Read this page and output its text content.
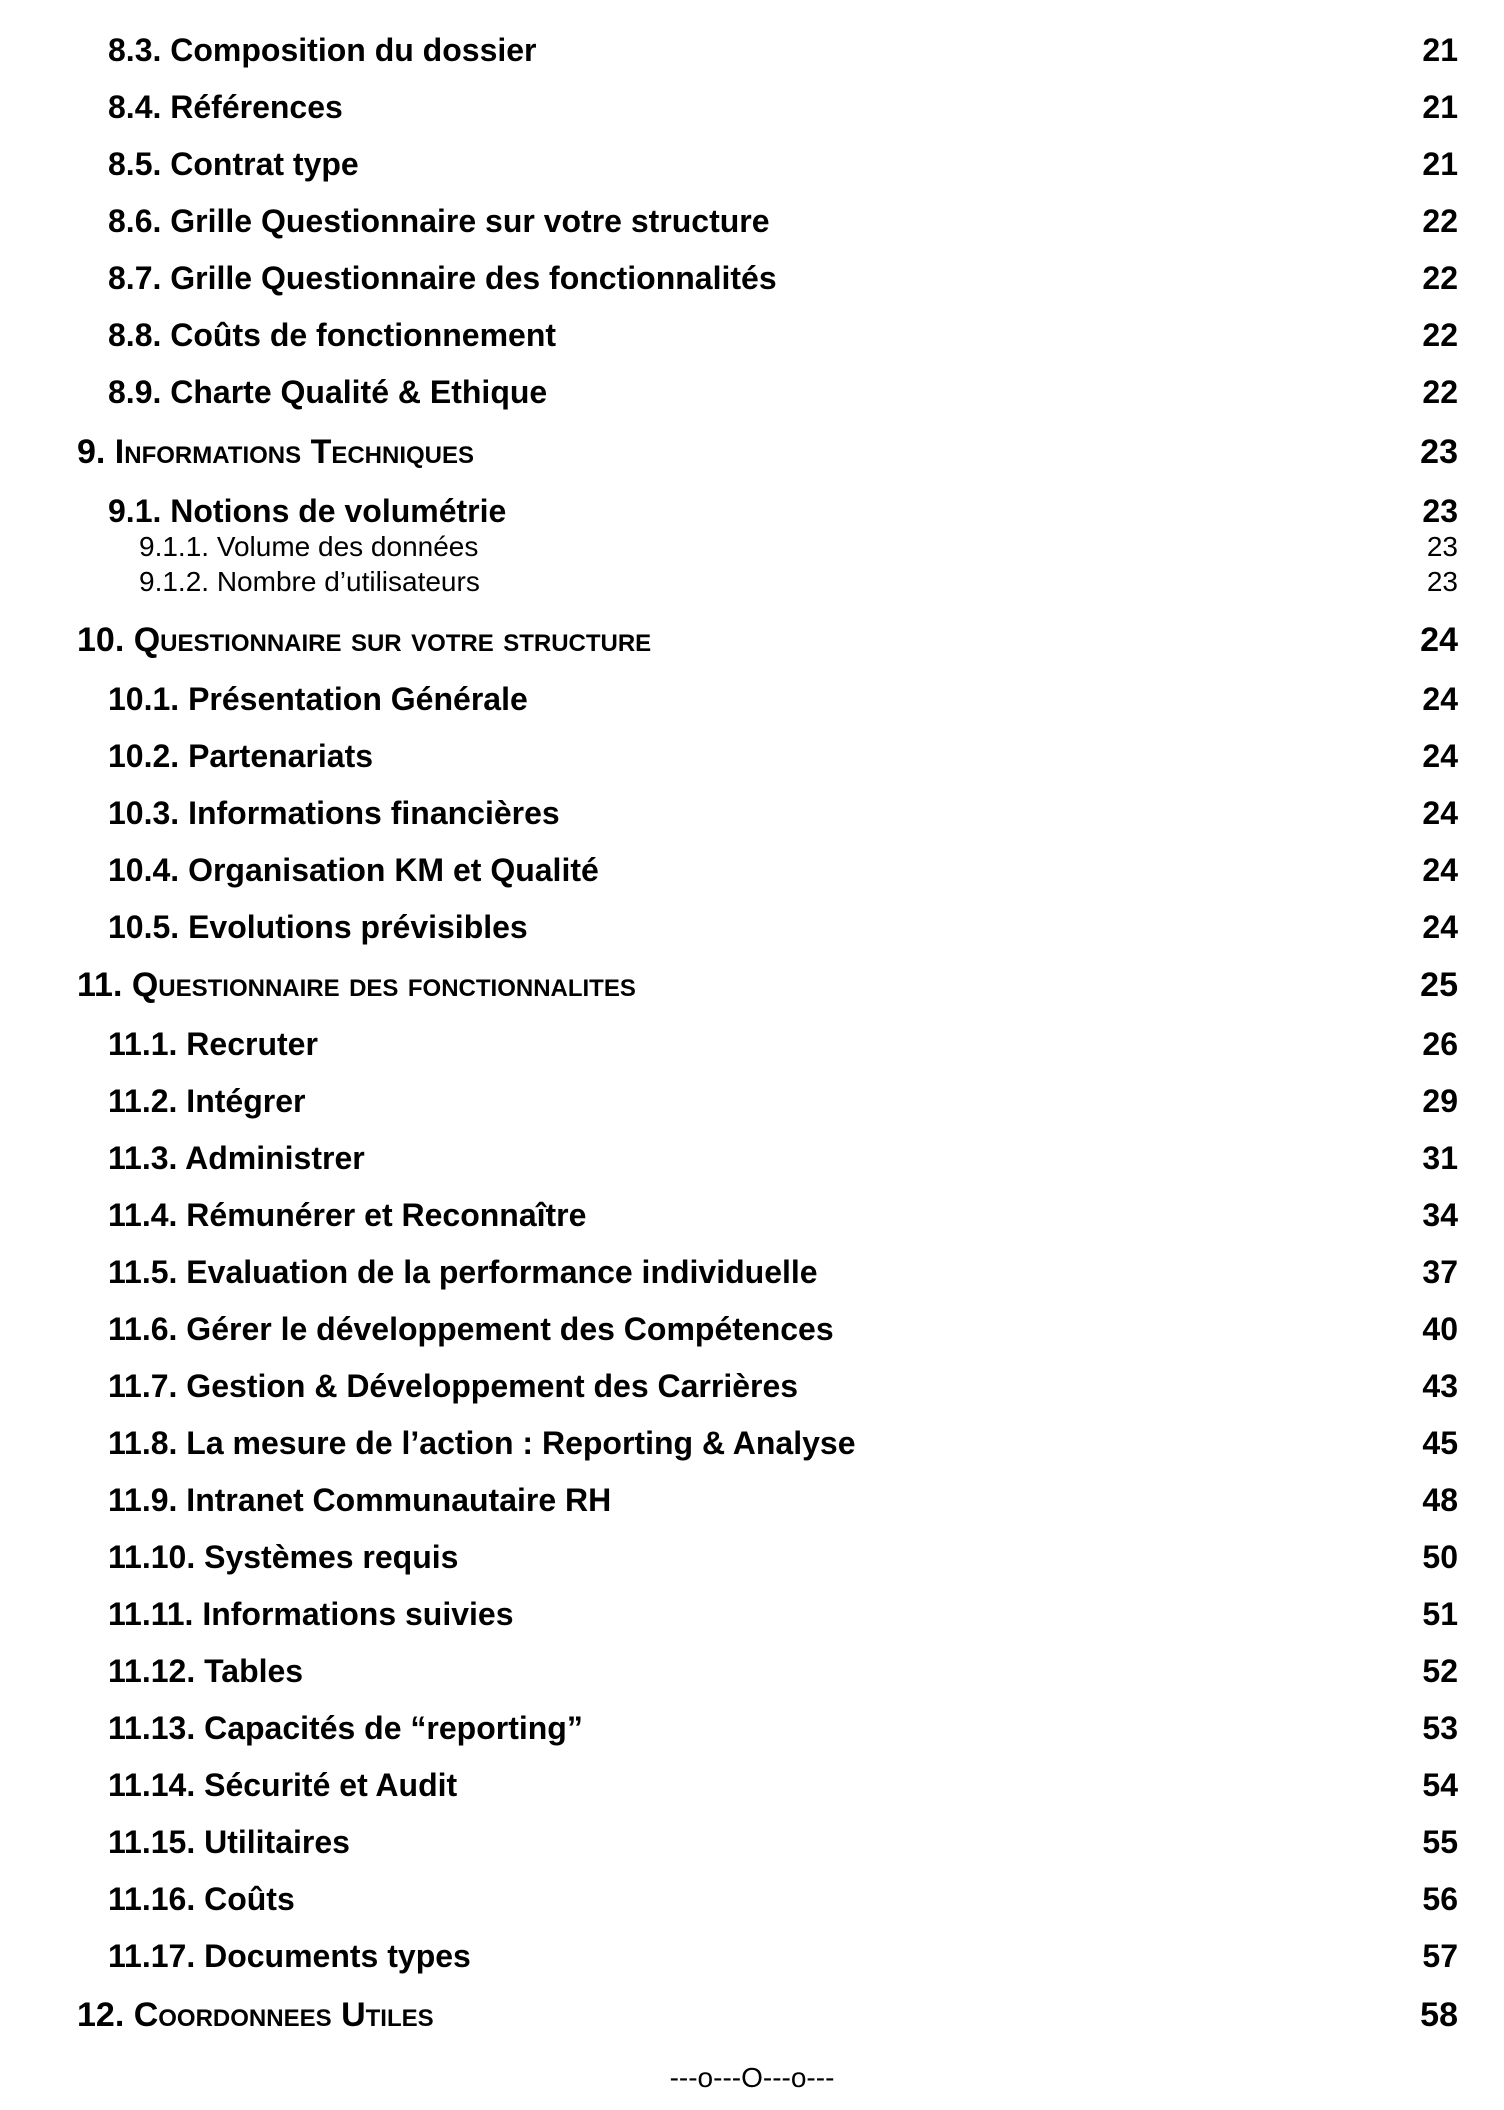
8.3. Composition du dossier	21
8.4. Références	21
8.5. Contrat type	21
8.6. Grille Questionnaire sur votre structure	22
8.7. Grille Questionnaire des fonctionnalités	22
8.8. Coûts de fonctionnement	22
8.9. Charte Qualité & Ethique	22
9. Informations Techniques	23
9.1. Notions de volumétrie	23
9.1.1. Volume des données	23
9.1.2. Nombre d’utilisateurs	23
10. Questionnaire sur votre structure	24
10.1. Présentation Générale	24
10.2. Partenariats	24
10.3. Informations financières	24
10.4. Organisation KM et Qualité	24
10.5. Evolutions prévisibles	24
11. Questionnaire des fonctionnalites	25
11.1. Recruter	26
11.2. Intégrer	29
11.3. Administrer	31
11.4. Rémunérer et Reconnaître	34
11.5. Evaluation de la performance individuelle	37
11.6. Gérer le développement des Compétences	40
11.7. Gestion & Développement des Carrières	43
11.8. La mesure de l’action : Reporting & Analyse	45
11.9. Intranet Communautaire RH	48
11.10. Systèmes requis	50
11.11. Informations suivies	51
11.12. Tables	52
11.13. Capacités de “reporting”	53
11.14. Sécurité et Audit	54
11.15. Utilitaires	55
11.16. Coûts	56
11.17. Documents types	57
12. Coordonnees Utiles	58
---o---O---o---
